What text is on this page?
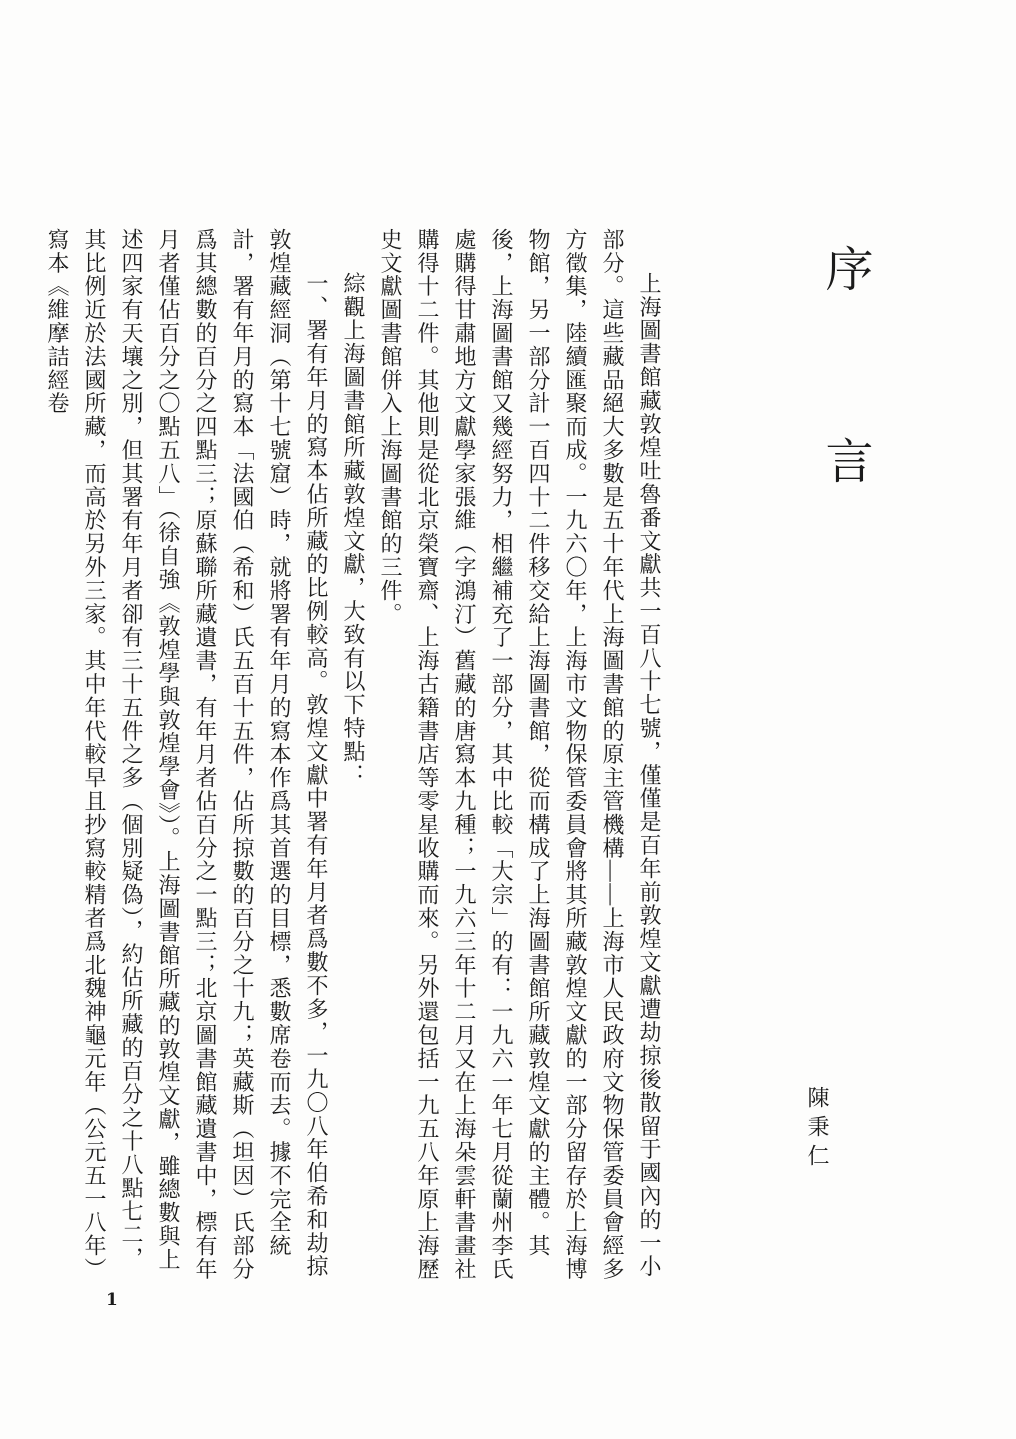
序言
陳秉仁

上海圖書館藏敦煌吐魯番文獻共一百八十七號，僅僅是百年前敦煌文獻遭劫掠後散留于國內的一小部分。這些藏品絕大多數是五十年代上海圖書館的原主管機構——上海市人民政府文物保管委員會經多方徵集，陸續匯聚而成。一九六〇年，上海市文物保管委員會將其所藏敦煌文獻的一部分留存於上海博物館，另一部分計一百四十二件移交給上海圖書館，從而構成了上海圖書館所藏敦煌文獻的主體。其後，上海圖書館又幾經努力，相繼補充了一部分，其中比較「大宗」的有：一九六一年七月從蘭州李氏處購得甘肅地方文獻學家張維（字鴻汀）舊藏的唐寫本九種；一九六三年十二月又在上海朵雲軒書畫社購得十二件。其他則是從北京榮寶齋、上海古籍書店等零星收購而來。另外還包括一九五八年原上海歷史文獻圖書館併入上海圖書館的三件。

綜觀上海圖書館所藏敦煌文獻，大致有以下特點：

一、署有年月的寫本佔所藏的比例較高。敦煌文獻中署有年月者爲數不多，一九〇八年伯希和劫掠敦煌藏經洞（第十七號窟）時，就將署有年月的寫本作爲其首選的目標，悉數席卷而去。據不完全統計，署有年月的寫本「法國伯（希和）氏五百十五件，佔所掠數的百分之十九；英藏斯（坦因）氏部分爲其總數的百分之四點三；原蘇聯所藏遺書，有年月者佔百分之一點三；北京圖書館藏遺書中，標有年月者僅佔百分之〇點五八」（徐自強《敦煌學與敦煌學會》）。上海圖書館所藏的敦煌文獻，雖總數與上述四家有天壤之別，但其署有年月者卻有三十五件之多（個別疑偽），約佔所藏的百分之十八點七二，其比例近於法國所藏，而高於另外三家。其中年代較早且抄寫較精者爲北魏神龜元年（公元五一八年）寫本《維摩詰經卷

1
